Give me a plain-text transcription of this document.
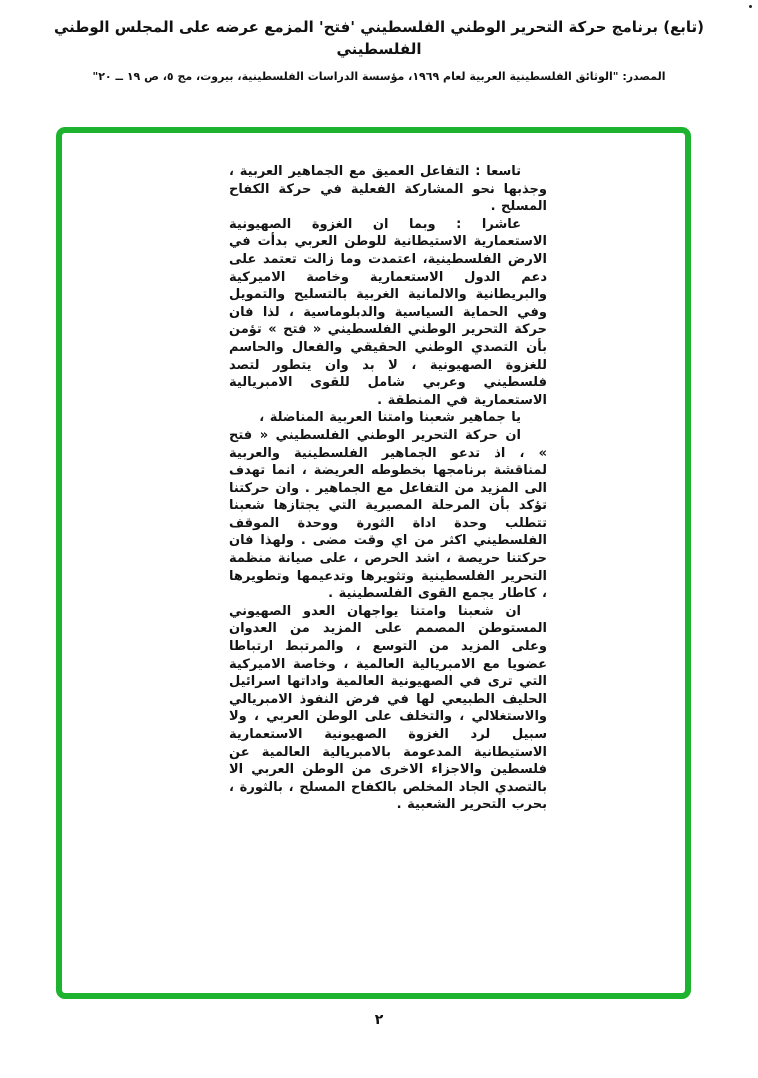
(تابع) برنامج حركة التحرير الوطني الفلسطيني 'فتح' المزمع عرضه على المجلس الوطني الفلسطيني
المصدر: "الوثائق الفلسطينية العربية لعام ١٩٦٩، مؤسسة الدراسات الفلسطينية، بيروت، مج ٥، ص ١٩ ــ ٢٠"

تاسعا : التفاعل العميق مع الجماهير العربية ، وجذبها نحو المشاركة الفعلية في حركة الكفاح المسلح .

عاشرا : وبما ان الغزوة الصهيونية الاستعمارية الاستيطانية للوطن العربي بدأت في الارض الفلسطينية، اعتمدت وما زالت تعتمد على دعم الدول الاستعمارية وخاصة الاميركية والبريطانية والالمانية الغربية بالتسليح والتمويل وفي الحماية السياسية والدبلوماسية ، لذا فان حركة التحرير الوطني الفلسطيني « فتح » تؤمن بأن التصدي الوطني الحقيقي والفعال والحاسم للغزوة الصهيونية ، لا بد وان يتطور لتصد فلسطيني وعربي شامل للقوى الامبريالية الاستعمارية في المنطقة .

يا جماهير شعبنا وامتنا العربية المناضلة ،

ان حركة التحرير الوطني الفلسطيني « فتح » ، اذ تدعو الجماهير الفلسطينية والعربية لمناقشة برنامجها بخطوطه العريضة ، انما تهدف الى المزيد من التفاعل مع الجماهير . وان حركتنا تؤكد بأن المرحلة المصيرية التي يجتازها شعبنا تتطلب وحدة اداة الثورة ووحدة الموقف الفلسطيني اكثر من اي وقت مضى . ولهذا فان حركتنا حريصة ، اشد الحرص ، على صيانة منظمة التحرير الفلسطينية وتثويرها وتدعيمها وتطويرها ، كاطار يجمع القوى الفلسطينية .

ان شعبنا وامتنا يواجهان العدو الصهيوني المستوطن المصمم على المزيد من العدوان وعلى المزيد من التوسع ، والمرتبط ارتباطا عضويا مع الامبريالية العالمية ، وخاصة الاميركية التي ترى في الصهيونية العالمية واداتها اسرائيل الحليف الطبيعي لها في فرض النفوذ الامبريالي والاستغلالي ، والتخلف على الوطن العربي ، ولا سبيل لرد الغزوة الصهيونية الاستعمارية الاستيطانية المدعومة بالامبريالية العالمية عن فلسطين والاجزاء الاخرى من الوطن العربي الا بالتصدي الجاد المخلص بالكفاح المسلح ، بالثورة ، بحرب التحرير الشعبية .

٢
